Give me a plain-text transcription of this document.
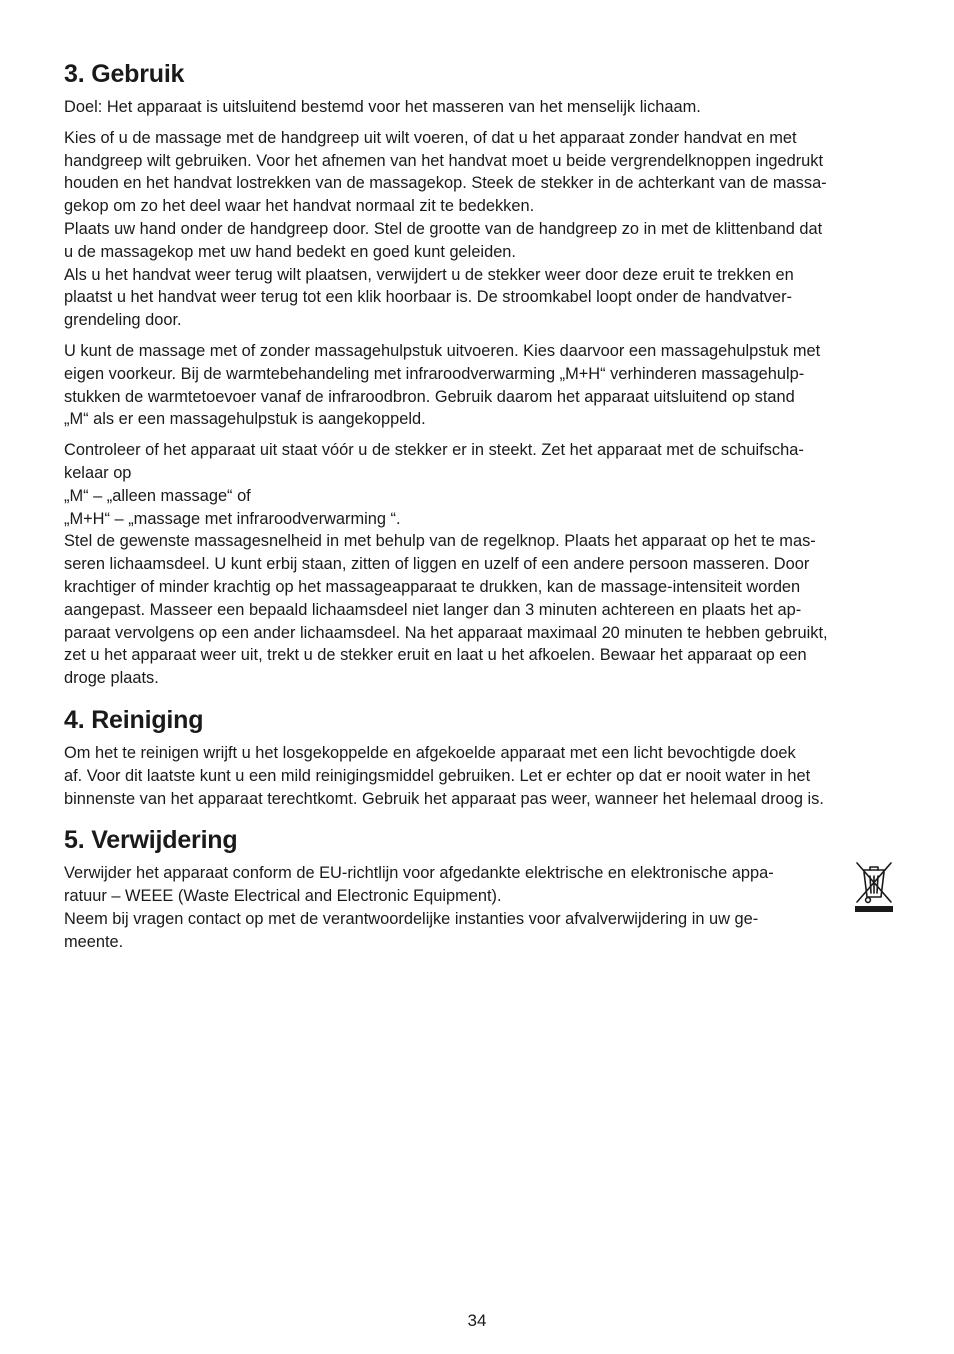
3. Gebruik

Doel: Het apparaat is uitsluitend bestemd voor het masseren van het menselijk lichaam.

Kies of u de massage met de handgreep uit wilt voeren, of dat u het apparaat zonder handvat en met
handgreep wilt gebruiken. Voor het afnemen van het handvat moet u beide vergrendelknoppen ingedrukt
houden en het handvat lostrekken van de massagekop. Steek de stekker in de achterkant van de massa-
gekop om zo het deel waar het handvat normaal zit te bedekken.
Plaats uw hand onder de handgreep door. Stel de grootte van de handgreep zo in met de klittenband dat
u de massagekop met uw hand bedekt en goed kunt geleiden.
Als u het handvat weer terug wilt plaatsen, verwijdert u de stekker weer door deze eruit te trekken en
plaatst u het handvat weer terug tot een klik hoorbaar is. De stroomkabel loopt onder de handvatver-
grendeling door.

U kunt de massage met of zonder massagehulpstuk uitvoeren. Kies daarvoor een massagehulpstuk met
eigen voorkeur. Bij de warmtebehandeling met infraroodverwarming „M+H“ verhinderen massagehulp-
stukken de warmtetoevoer vanaf de infraroodbron. Gebruik daarom het apparaat uitsluitend op stand
„M“ als er een massagehulpstuk is aangekoppeld.

Controleer of het apparaat uit staat vóór u de stekker er in steekt. Zet het apparaat met de schuifscha-
kelaar op
„M“ – „alleen massage“ of
„M+H“ – „massage met infraroodverwarming “.
Stel de gewenste massagesnelheid in met behulp van de regelknop. Plaats het apparaat op het te mas-
seren lichaamsdeel. U kunt erbij staan, zitten of liggen en uzelf of een andere persoon masseren. Door
krachtiger of minder krachtig op het massageapparaat te drukken, kan de massage-intensiteit worden
aangepast. Masseer een bepaald lichaamsdeel niet langer dan 3 minuten achtereen en plaats het ap-
paraat vervolgens op een ander lichaamsdeel. Na het apparaat maximaal 20 minuten te hebben gebruikt,
zet u het apparaat weer uit, trekt u de stekker eruit en laat u het afkoelen. Bewaar het apparaat op een
droge plaats.

4. Reiniging

Om het te reinigen wrijft u het losgekoppelde en afgekoelde apparaat met een licht bevochtigde doek
af. Voor dit laatste kunt u een mild reinigingsmiddel gebruiken. Let er echter op dat er nooit water in het
binnenste van het apparaat terechtkomt. Gebruik het apparaat pas weer, wanneer het helemaal droog is.

5. Verwijdering

Verwijder het apparaat conform de EU-richtlijn voor afgedankte elektrische en elektronische appa-
ratuur – WEEE (Waste Electrical and Electronic Equipment).
Neem bij vragen contact op met de verantwoordelijke instanties voor afvalverwijdering in uw ge-
meente.

34
